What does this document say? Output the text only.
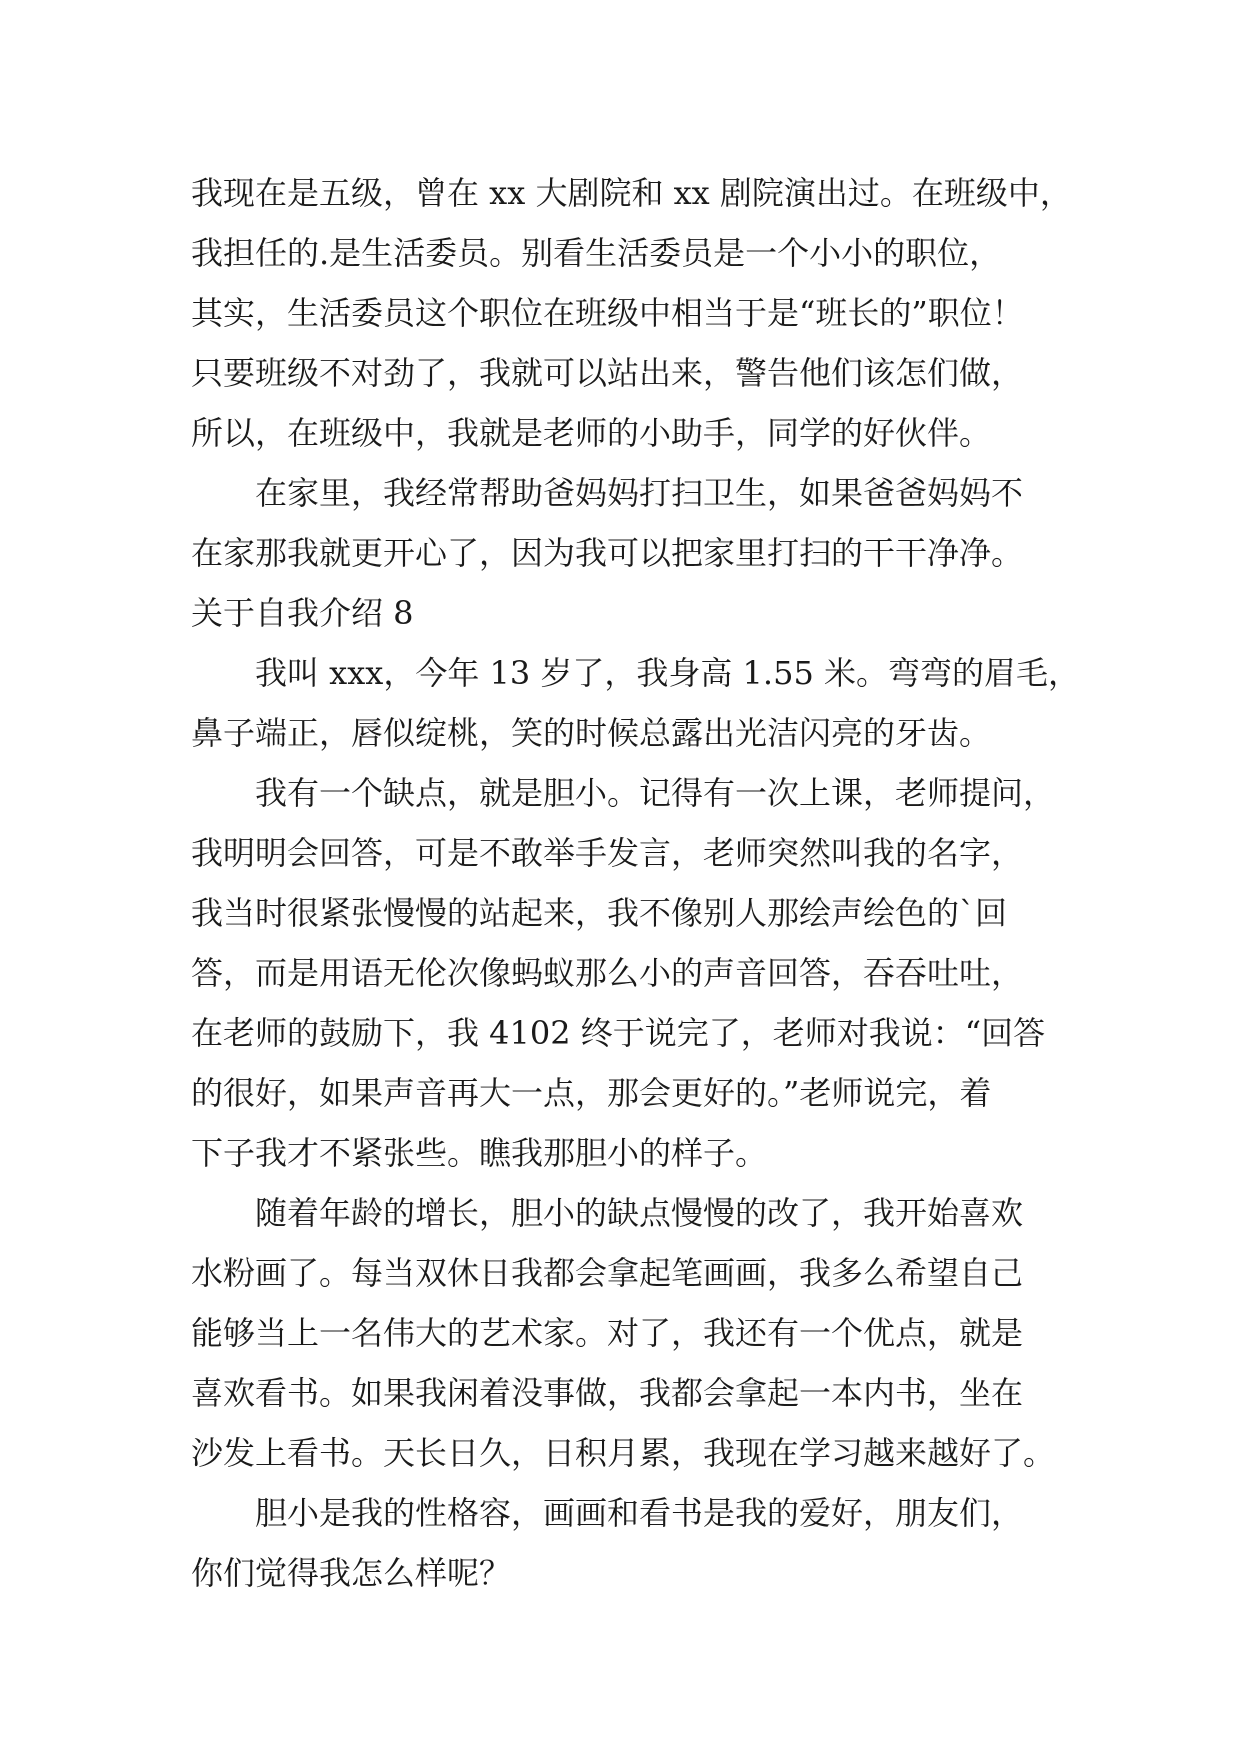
我现在是五级，曾在 xx 大剧院和 xx 剧院演出过。在班级中，
我担任的.是生活委员。别看生活委员是一个小小的职位，
其实，生活委员这个职位在班级中相当于是“班长的”职位！
只要班级不对劲了，我就可以站出来，警告他们该怎们做，
所以，在班级中，我就是老师的小助手，同学的好伙伴。
在家里，我经常帮助爸妈妈打扫卫生，如果爸爸妈妈不
在家那我就更开心了，因为我可以把家里打扫的干干净净。
关于自我介绍 8
我叫 xxx，今年 13 岁了，我身高 1.55 米。弯弯的眉毛，
鼻子端正，唇似绽桃，笑的时候总露出光洁闪亮的牙齿。
我有一个缺点，就是胆小。记得有一次上课，老师提问，
我明明会回答，可是不敢举手发言，老师突然叫我的名字，
我当时很紧张慢慢的站起来，我不像别人那绘声绘色的`回
答，而是用语无伦次像蚂蚁那么小的声音回答，吞吞吐吐，
在老师的鼓励下，我 4102 终于说完了，老师对我说：“回答
的很好，如果声音再大一点，那会更好的。”老师说完，着
下子我才不紧张些。瞧我那胆小的样子。
随着年龄的增长，胆小的缺点慢慢的改了，我开始喜欢
水粉画了。每当双休日我都会拿起笔画画，我多么希望自己
能够当上一名伟大的艺术家。对了，我还有一个优点，就是
喜欢看书。如果我闲着没事做，我都会拿起一本内书，坐在
沙发上看书。天长日久，日积月累，我现在学习越来越好了。
胆小是我的性格容，画画和看书是我的爱好，朋友们，
你们觉得我怎么样呢？
